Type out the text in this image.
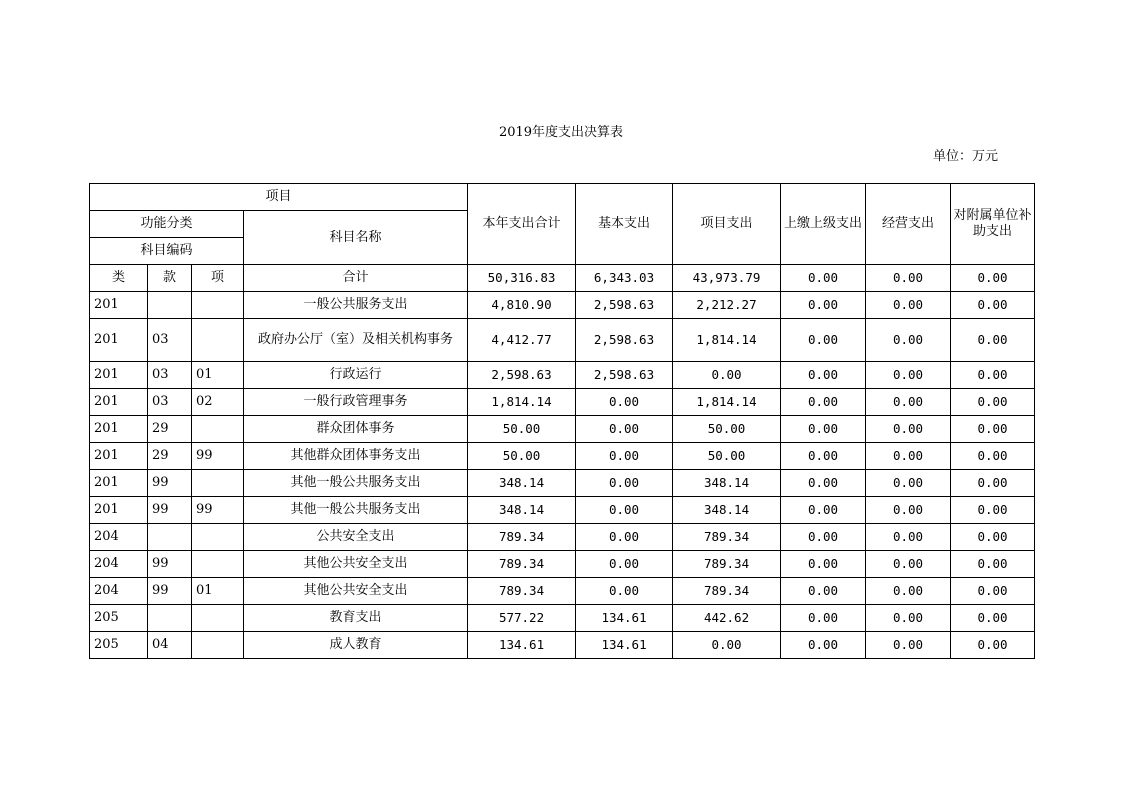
2019年度支出决算表
单位：万元
项目				本年支出合计	基本支出	项目支出	上缴上级支出	经营支出	对附属单位补助支出
功能分类			科目名称						
科目编码									
类	款	项	合计	50,316.83	6,343.03	43,973.79	0.00	0.00	0.00
201			一般公共服务支出	4,810.90	2,598.63	2,212.27	0.00	0.00	0.00
201	03		政府办公厅（室）及相关机构事务	4,412.77	2,598.63	1,814.14	0.00	0.00	0.00
201	03	01	行政运行	2,598.63	2,598.63	0.00	0.00	0.00	0.00
201	03	02	一般行政管理事务	1,814.14	0.00	1,814.14	0.00	0.00	0.00
201	29		群众团体事务	50.00	0.00	50.00	0.00	0.00	0.00
201	29	99	其他群众团体事务支出	50.00	0.00	50.00	0.00	0.00	0.00
201	99		其他一般公共服务支出	348.14	0.00	348.14	0.00	0.00	0.00
201	99	99	其他一般公共服务支出	348.14	0.00	348.14	0.00	0.00	0.00
204			公共安全支出	789.34	0.00	789.34	0.00	0.00	0.00
204	99		其他公共安全支出	789.34	0.00	789.34	0.00	0.00	0.00
204	99	01	其他公共安全支出	789.34	0.00	789.34	0.00	0.00	0.00
205			教育支出	577.22	134.61	442.62	0.00	0.00	0.00
205	04		成人教育	134.61	134.61	0.00	0.00	0.00	0.00
